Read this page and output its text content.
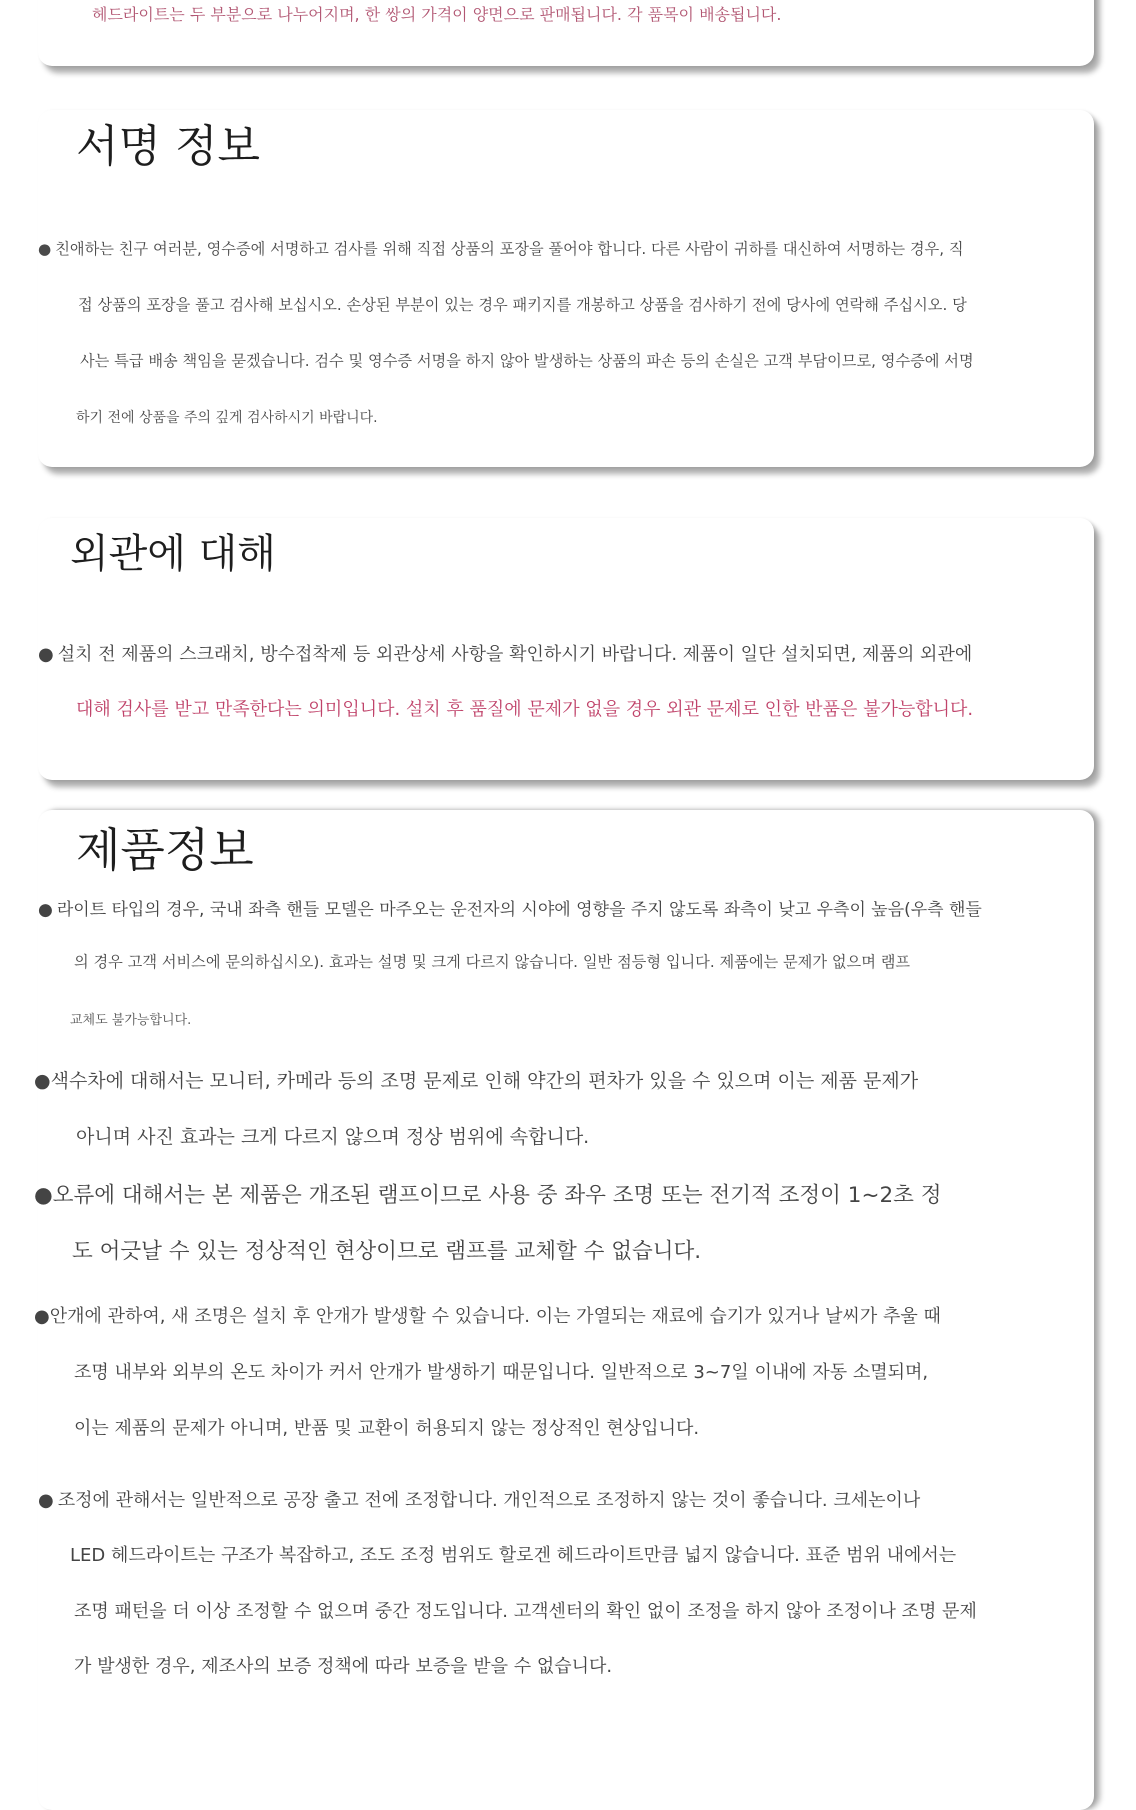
헤드라이트는 두 부분으로 나누어지며, 한 쌍의 가격이 양면으로 판매됩니다. 각 품목이 배송됩니다.
서명 정보
● 친애하는 친구 여러분, 영수증에 서명하고 검사를 위해 직접 상품의 포장을 풀어야 합니다. 다른 사람이 귀하를 대신하여 서명하는 경우, 직
접 상품의 포장을 풀고 검사해 보십시오. 손상된 부분이 있는 경우 패키지를 개봉하고 상품을 검사하기 전에 당사에 연락해 주십시오. 당
사는 특급 배송 책임을 묻겠습니다. 검수 및 영수증 서명을 하지 않아 발생하는 상품의 파손 등의 손실은 고객 부담이므로, 영수증에 서명
하기 전에 상품을 주의 깊게 검사하시기 바랍니다.
외관에 대해
● 설치 전 제품의 스크래치, 방수접착제 등 외관상세 사항을 확인하시기 바랍니다. 제품이 일단 설치되면, 제품의 외관에
대해 검사를 받고 만족한다는 의미입니다. 설치 후 품질에 문제가 없을 경우 외관 문제로 인한 반품은 불가능합니다.
제품정보
● 라이트 타입의 경우, 국내 좌측 핸들 모델은 마주오는 운전자의 시야에 영향을 주지 않도록 좌측이 낮고 우측이 높음(우측 핸들
의 경우 고객 서비스에 문의하십시오). 효과는 설명 및 크게 다르지 않습니다. 일반 점등형 입니다. 제품에는 문제가 없으며 램프
교체도 불가능합니다.
●색수차에 대해서는 모니터, 카메라 등의 조명 문제로 인해 약간의 편차가 있을 수 있으며 이는 제품 문제가
아니며 사진 효과는 크게 다르지 않으며 정상 범위에 속합니다.
●오류에 대해서는 본 제품은 개조된 램프이므로 사용 중 좌우 조명 또는 전기적 조정이 1~2초 정
도 어긋날 수 있는 정상적인 현상이므로 램프를 교체할 수 없습니다.
●안개에 관하여, 새 조명은 설치 후 안개가 발생할 수 있습니다. 이는 가열되는 재료에 습기가 있거나 날씨가 추울 때
조명 내부와 외부의 온도 차이가 커서 안개가 발생하기 때문입니다. 일반적으로 3~7일 이내에 자동 소멸되며,
이는 제품의 문제가 아니며, 반품 및 교환이 허용되지 않는 정상적인 현상입니다.
● 조정에 관해서는 일반적으로 공장 출고 전에 조정합니다. 개인적으로 조정하지 않는 것이 좋습니다. 크세논이나
LED 헤드라이트는 구조가 복잡하고, 조도 조정 범위도 할로겐 헤드라이트만큼 넓지 않습니다. 표준 범위 내에서는
조명 패턴을 더 이상 조정할 수 없으며 중간 정도입니다. 고객센터의 확인 없이 조정을 하지 않아 조정이나 조명 문제
가 발생한 경우, 제조사의 보증 정책에 따라 보증을 받을 수 없습니다.
